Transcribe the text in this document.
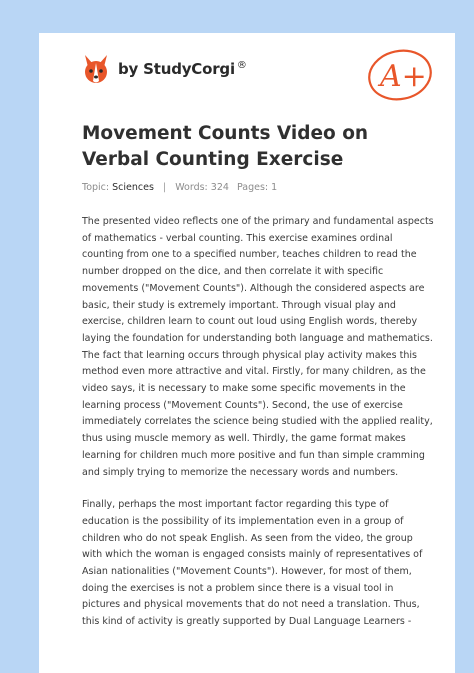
by StudyCorgi ®	A+
Movement Counts Video on Verbal Counting Exercise
Topic: Sciences | Words: 324 Pages: 1

The presented video reflects one of the primary and fundamental aspects of mathematics - verbal counting. This exercise examines ordinal counting from one to a specified number, teaches children to read the number dropped on the dice, and then correlate it with specific movements ("Movement Counts"). Although the considered aspects are basic, their study is extremely important. Through visual play and exercise, children learn to count out loud using English words, thereby laying the foundation for understanding both language and mathematics. The fact that learning occurs through physical play activity makes this method even more attractive and vital. Firstly, for many children, as the video says, it is necessary to make some specific movements in the learning process ("Movement Counts"). Second, the use of exercise immediately correlates the science being studied with the applied reality, thus using muscle memory as well. Thirdly, the game format makes learning for children much more positive and fun than simple cramming and simply trying to memorize the necessary words and numbers.

Finally, perhaps the most important factor regarding this type of education is the possibility of its implementation even in a group of children who do not speak English. As seen from the video, the group with which the woman is engaged consists mainly of representatives of Asian nationalities ("Movement Counts"). However, for most of them, doing the exercises is not a problem since there is a visual tool in pictures and physical movements that do not need a translation. Thus, this kind of activity is greatly supported by Dual Language Learners -
